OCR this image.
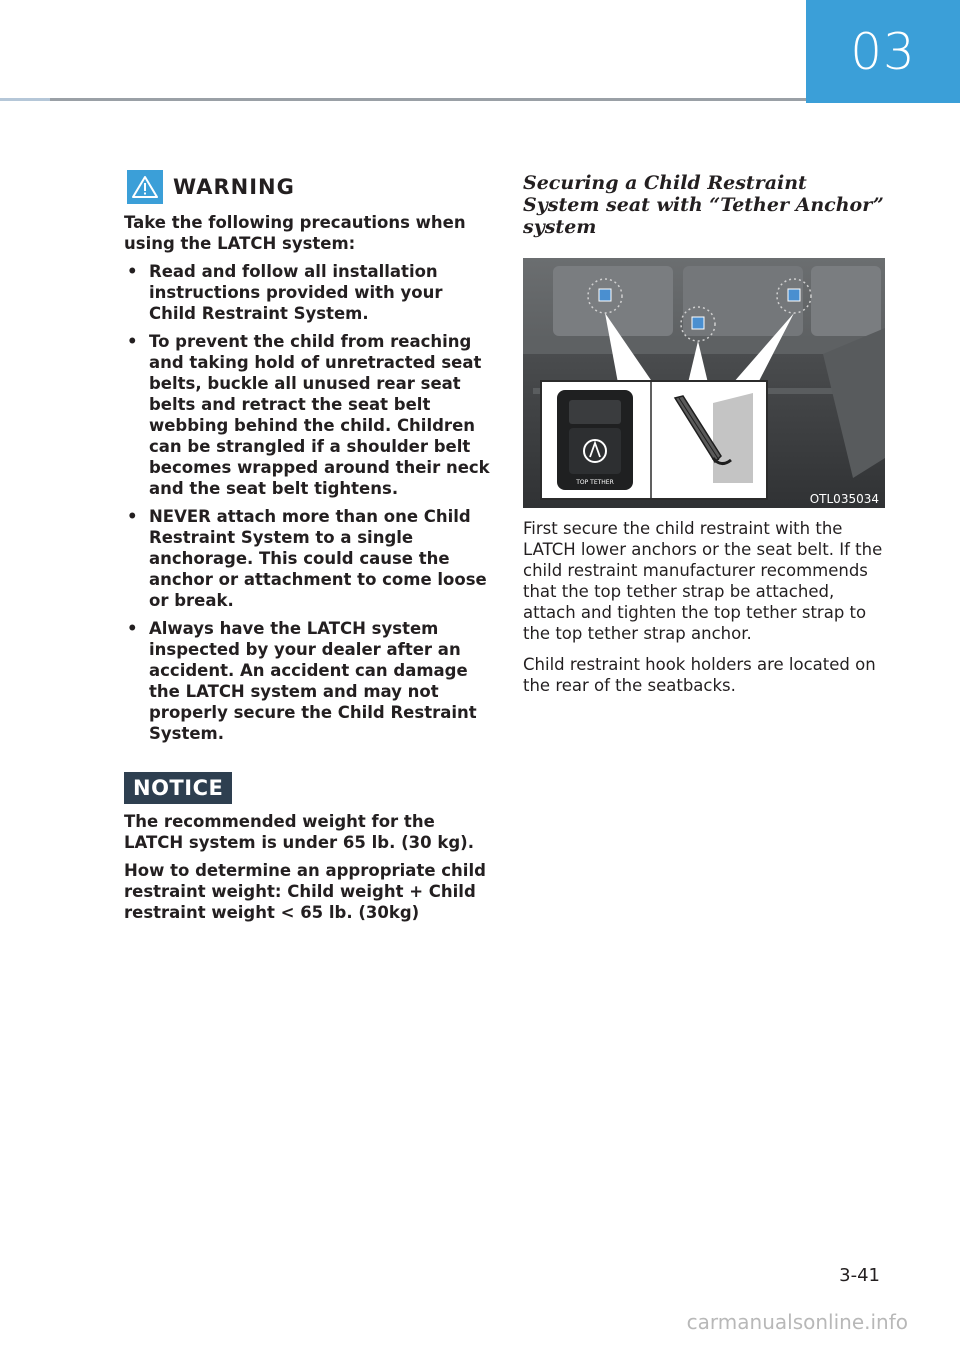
03
WARNING

Take the following precautions when using the LATCH system:

• Read and follow all installation instructions provided with your Child Restraint System.
• To prevent the child from reaching and taking hold of unretracted seat belts, buckle all unused rear seat belts and retract the seat belt webbing behind the child. Children can be strangled if a shoulder belt becomes wrapped around their neck and the seat belt tightens.
• NEVER attach more than one Child Restraint System to a single anchorage. This could cause the anchor or attachment to come loose or break.
• Always have the LATCH system inspected by your dealer after an accident. An accident can damage the LATCH system and may not properly secure the Child Restraint System.
NOTICE

The recommended weight for the LATCH system is under 65 lb. (30 kg).

How to determine an appropriate child restraint weight: Child weight + Child restraint weight < 65 lb. (30kg)

Securing a Child Restraint System seat with “Tether Anchor” system
TOP TETHER
OTL035034

First secure the child restraint with the LATCH lower anchors or the seat belt. If the child restraint manufacturer recommends that the top tether strap be attached, attach and tighten the top tether strap to the top tether strap anchor.

Child restraint hook holders are located on the rear of the seatbacks.

3-41
carmanualsonline.info
